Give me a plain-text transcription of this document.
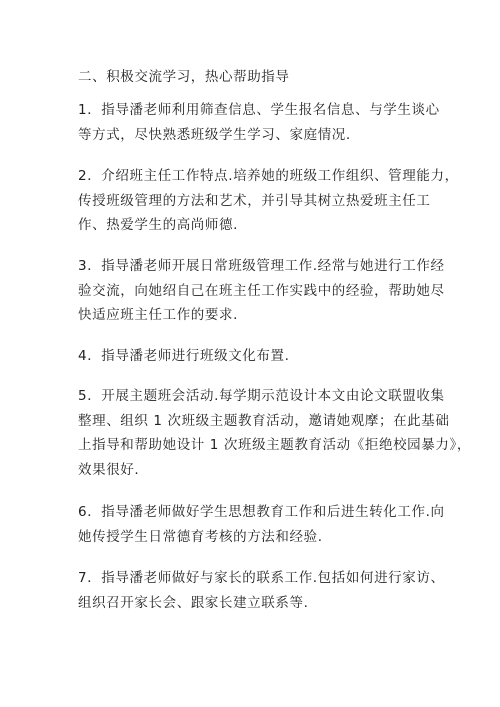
二、积极交流学习，热心帮助指导
1．指导潘老师利用筛查信息、学生报名信息、与学生谈心
等方式，尽快熟悉班级学生学习、家庭情况.
2．介绍班主任工作特点.培养她的班级工作组织、管理能力，
传授班级管理的方法和艺术，并引导其树立热爱班主任工
作、热爱学生的高尚师德.
3．指导潘老师开展日常班级管理工作.经常与她进行工作经
验交流，向她绍自己在班主任工作实践中的经验，帮助她尽
快适应班主任工作的要求.
4．指导潘老师进行班级文化布置.
5．开展主题班会活动.每学期示范设计本文由论文联盟收集
整理、组织 1 次班级主题教育活动，邀请她观摩；在此基础
上指导和帮助她设计 1 次班级主题教育活动《拒绝校园暴力》，
效果很好.
6．指导潘老师做好学生思想教育工作和后进生转化工作.向
她传授学生日常德育考核的方法和经验.
7．指导潘老师做好与家长的联系工作.包括如何进行家访、
组织召开家长会、跟家长建立联系等.
